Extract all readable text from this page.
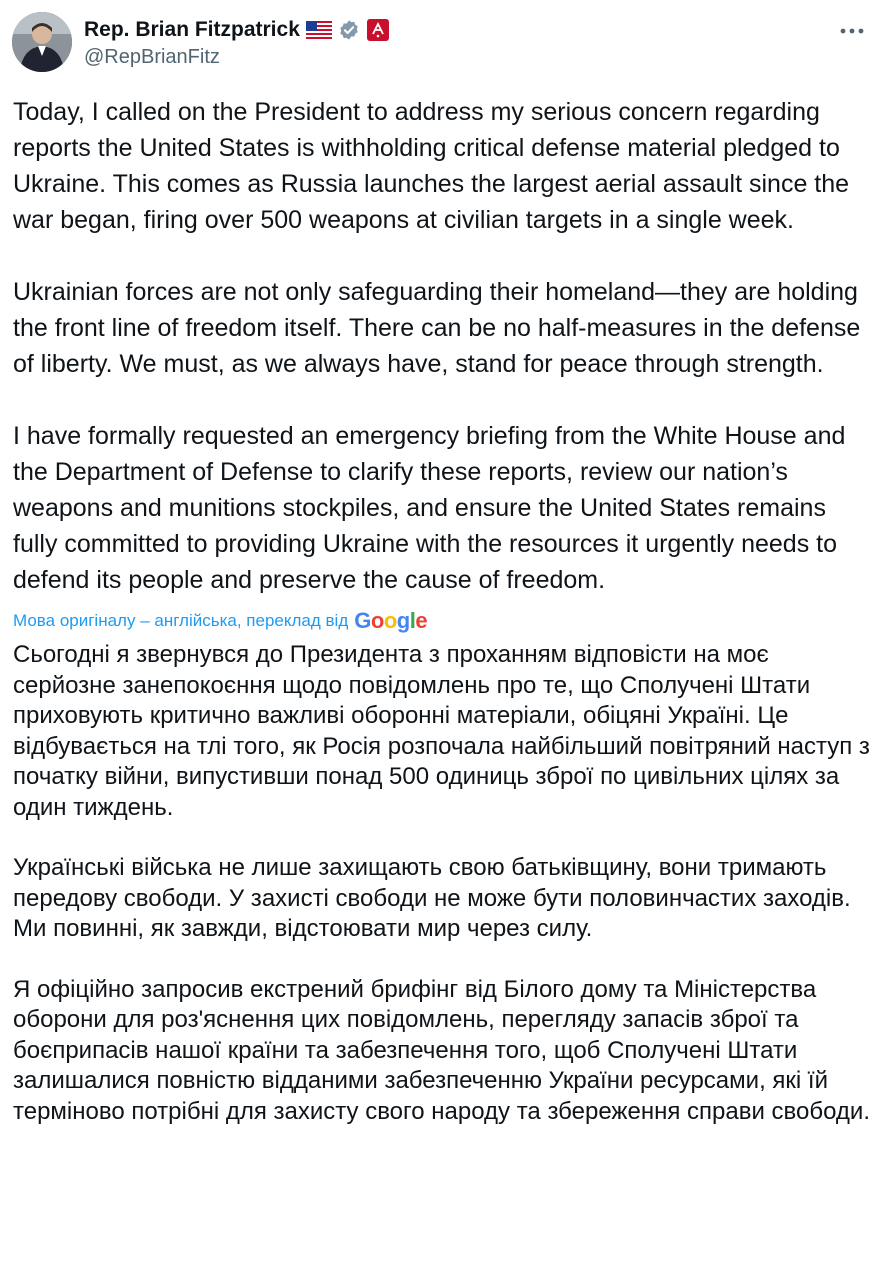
Rep. Brian Fitzpatrick
@RepBrianFitz

Today, I called on the President to address my serious concern regarding reports the United States is withholding critical defense material pledged to Ukraine. This comes as Russia launches the largest aerial assault since the war began, firing over 500 weapons at civilian targets in a single week.

Ukrainian forces are not only safeguarding their homeland—they are holding the front line of freedom itself. There can be no half-measures in the defense of liberty. We must, as we always have, stand for peace through strength.

I have formally requested an emergency briefing from the White House and the Department of Defense to clarify these reports, review our nation’s weapons and munitions stockpiles, and ensure the United States remains fully committed to providing Ukraine with the resources it urgently needs to defend its people and preserve the cause of freedom.

Мова оригіналу – англійська, переклад від Google

Сьогодні я звернувся до Президента з проханням відповісти на моє серйозне занепокоєння щодо повідомлень про те, що Сполучені Штати приховують критично важливі оборонні матеріали, обіцяні Україні. Це відбувається на тлі того, як Росія розпочала найбільший повітряний наступ з початку війни, випустивши понад 500 одиниць зброї по цивільних цілях за один тиждень.

Українські війська не лише захищають свою батьківщину, вони тримають передову свободи. У захисті свободи не може бути половинчастих заходів. Ми повинні, як завжди, відстоювати мир через силу.

Я офіційно запросив екстрений брифінг від Білого дому та Міністерства оборони для роз'яснення цих повідомлень, перегляду запасів зброї та боєприпасів нашої країни та забезпечення того, щоб Сполучені Штати залишалися повністю відданими забезпеченню України ресурсами, які їй терміново потрібні для захисту свого народу та збереження справи свободи.
